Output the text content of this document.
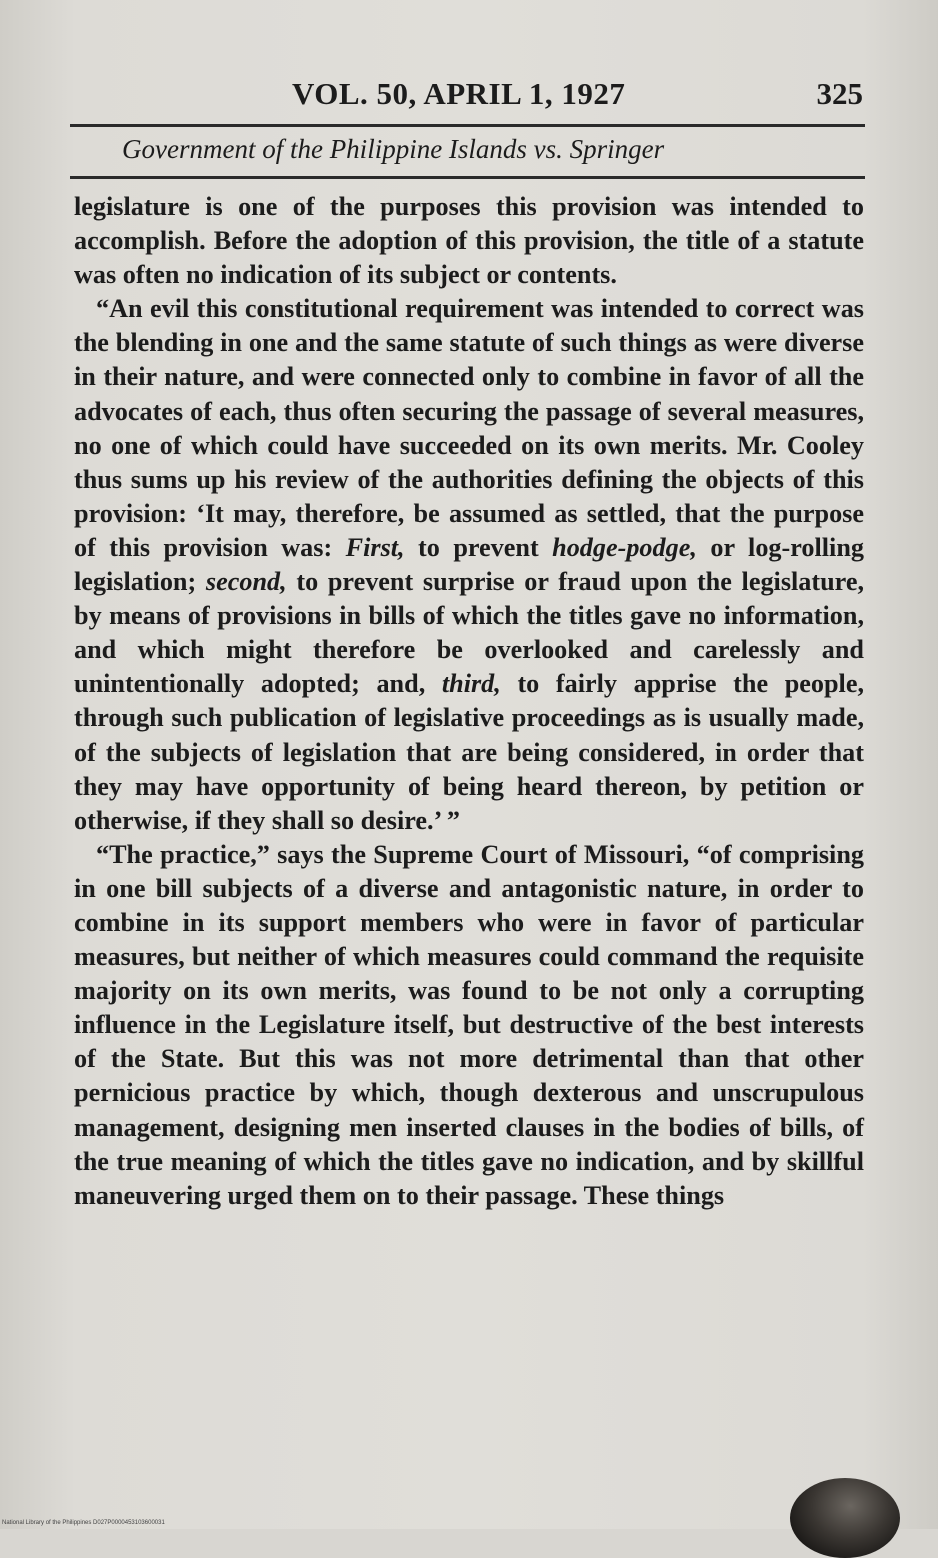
VOL. 50, APRIL 1, 1927	325
Government of the Philippine Islands vs. Springer

legislature is one of the purposes this provision was intended to accomplish. Before the adoption of this provision, the title of a statute was often no indication of its subject or contents.

“An evil this constitutional requirement was intended to correct was the blending in one and the same statute of such things as were diverse in their nature, and were connected only to combine in favor of all the advocates of each, thus often securing the passage of several measures, no one of which could have succeeded on its own merits. Mr. Cooley thus sums up his review of the authorities defining the objects of this provision: ‘It may, therefore, be assumed as settled, that the purpose of this provision was: First, to prevent hodge-podge, or log-rolling legislation; second, to prevent surprise or fraud upon the legislature, by means of provisions in bills of which the titles gave no information, and which might therefore be overlooked and carelessly and unintentionally adopted; and, third, to fairly apprise the people, through such publication of legislative proceedings as is usually made, of the subjects of legislation that are being considered, in order that they may have opportunity of being heard thereon, by petition or otherwise, if they shall so desire.’ ”

“The practice,” says the Supreme Court of Missouri, “of comprising in one bill subjects of a diverse and antagonistic nature, in order to combine in its support members who were in favor of particular measures, but neither of which measures could command the requisite majority on its own merits, was found to be not only a corrupting influence in the Legislature itself, but destructive of the best interests of the State. But this was not more detrimental than that other pernicious practice by which, though dexterous and unscrupulous management, designing men inserted clauses in the bodies of bills, of the true meaning of which the titles gave no indication, and by skillful maneuvering urged them on to their passage. These things

National Library of the Philippines D027P0000453103600031
